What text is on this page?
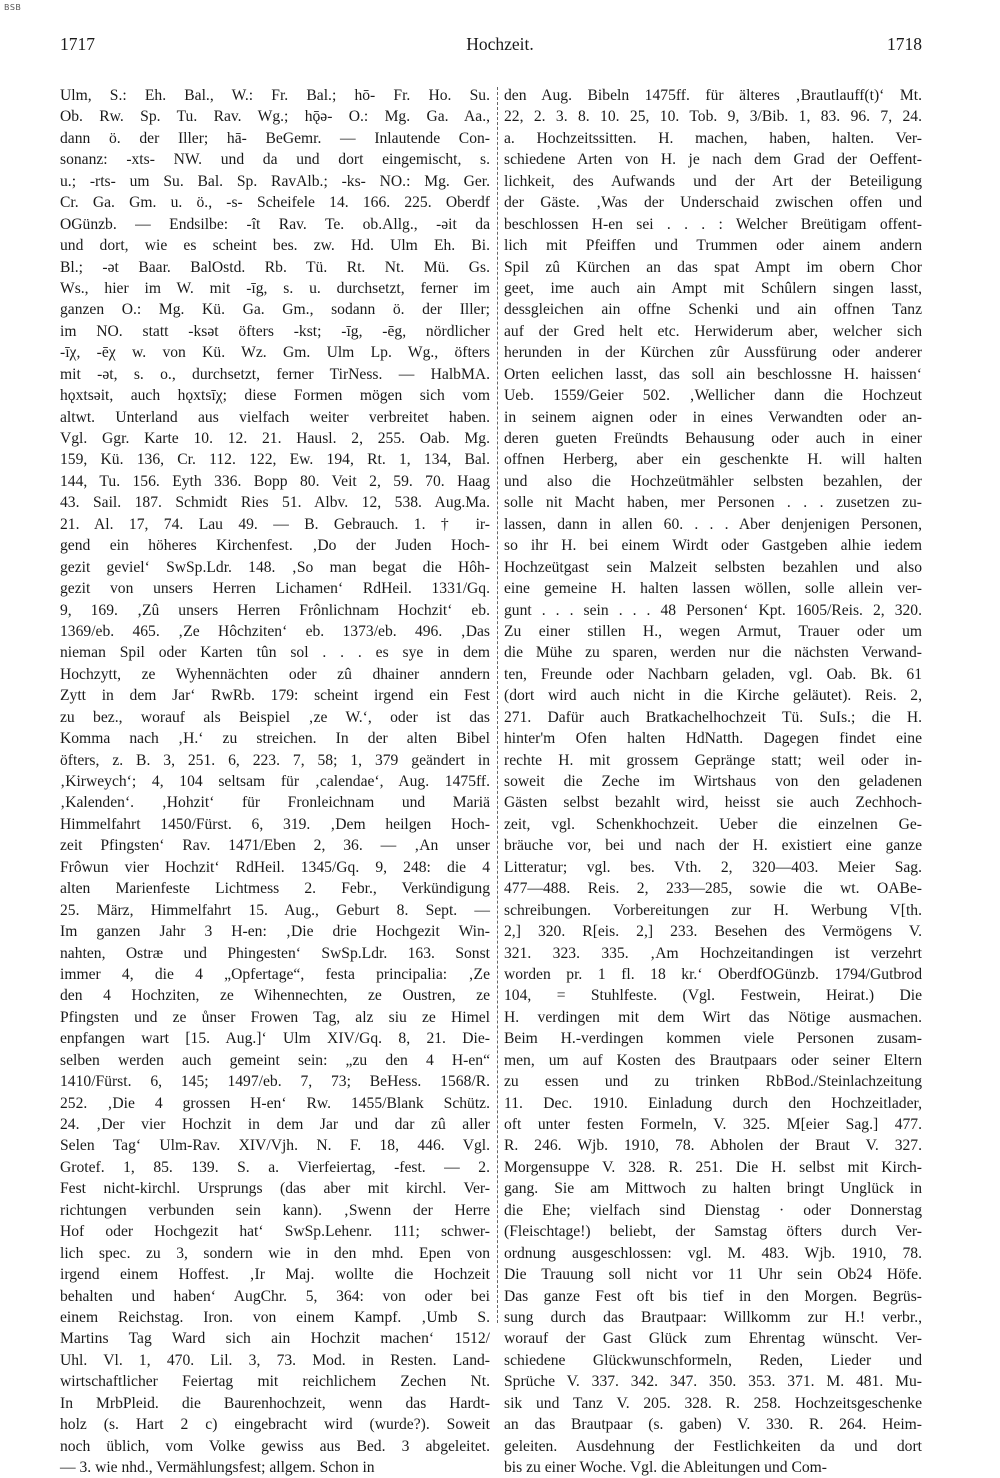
BSB
1717	Hochzeit.	1718
Ulm, S.: Eh. Bal., W.: Fr. Bal.; hō- Fr. Ho. Su.
Ob. Rw. Sp. Tu. Rav. Wg.; hǭə- O.: Mg. Ga. Aa.,
dann ö. der Iller; hā- BeGemr. — Inlautende Con-
sonanz: -xts- NW. und da und dort eingemischt, s.
u.; -rts- um Su. Bal. Sp. RavAlb.; -ks- NO.: Mg. Ger.
Cr. Ga. Gm. u. ö., -s- Scheifele 14. 166. 225. Oberdf
OGünzb. — Endsilbe: -ît Rav. Te. ob.Allg., -əit da
und dort, wie es scheint bes. zw. Hd. Ulm Eh. Bi.
Bl.; -ət Baar. BalOstd. Rb. Tü. Rt. Nt. Mü. Gs.
Ws., hier im W. mit -īg, s. u. durchsetzt, ferner im
ganzen O.: Mg. Kü. Ga. Gm., sodann ö. der Iller;
im NO. statt -ksət öfters -kst; -īg, -ēg, nördlicher
-īχ, -ēχ w. von Kü. Wz. Gm. Ulm Lp. Wg., öfters
mit -ət, s. o., durchsetzt, ferner TirNess. — HalbMA.
hǫxtsəit, auch hǫxtsīχ; diese Formen mögen sich vom
altwt. Unterland aus vielfach weiter verbreitet haben.
Vgl. Ggr. Karte 10. 12. 21. Hausl. 2, 255. Oab. Mg.
159, Kü. 136, Cr. 112. 122, Ew. 194, Rt. 1, 134, Bal.
144, Tu. 156. Eyth 336. Bopp 80. Veit 2, 59. 70. Haag
43. Sail. 187. Schmidt Ries 51. Albv. 12, 538. Aug.Ma.
21. Al. 17, 74. Lau 49. — B. Gebrauch. 1. † ir-
gend ein höheres Kirchenfest. ‚Do der Juden Hoch-
gezit geviel‘ SwSp.Ldr. 148. ‚So man begat die Hôh-
gezit von unsers Herren Lichamen‘ RdHeil. 1331/Gq.
9, 169. ‚Zû unsers Herren Frônlichnam Hochzit‘ eb.
1369/eb. 465. ‚Ze Hôchziten‘ eb. 1373/eb. 496. ‚Das
nieman Spil oder Karten tûn sol . . . es sye in dem
Hochzytt, ze Wyhennächten oder zû dhainer anndern
Zytt in dem Jar‘ RwRb. 179: scheint irgend ein Fest
zu bez., worauf als Beispiel ‚ze W.‘, oder ist das
Komma nach ‚H.‘ zu streichen. In der alten Bibel
öfters, z. B. 3, 251. 6, 223. 7, 58; 1, 379 geändert in
‚Kirweych‘; 4, 104 seltsam für ‚calendae‘, Aug. 1475ff.
‚Kalenden‘. ‚Hohzit‘ für Fronleichnam und Mariä
Himmelfahrt 1450/Fürst. 6, 319. ‚Dem heilgen Hoch-
zeit Pfingsten‘ Rav. 1471/Eben 2, 36. — ‚An unser
Frôwun vier Hochzit‘ RdHeil. 1345/Gq. 9, 248: die 4
alten Marienfeste Lichtmess 2. Febr., Verkündigung
25. März, Himmelfahrt 15. Aug., Geburt 8. Sept. —
Im ganzen Jahr 3 H-en: ‚Die drie Hochgezit Win-
nahten, Ostræ und Phingesten‘ SwSp.Ldr. 163. Sonst
immer 4, die 4 „Opfertage“, festa principalia: ‚Ze
den 4 Hochziten, ze Wihennechten, ze Oustren, ze
Pfingsten und ze ůnser Frowen Tag, alz siu ze Himel
enpfangen wart [15. Aug.]‘ Ulm XIV/Gq. 8, 21. Die-
selben werden auch gemeint sein: „zu den 4 H-en“
1410/Fürst. 6, 145; 1497/eb. 7, 73; BeHess. 1568/R.
252. ‚Die 4 grossen H-en‘ Rw. 1455/Blank Schütz.
24. ‚Der vier Hochzit in dem Jar und dar zû aller
Selen Tag‘ Ulm-Rav. XIV/Vjh. N. F. 18, 446. Vgl.
Grotef. 1, 85. 139. S. a. Vierfeiertag, -fest. — 2.
Fest nicht-kirchl. Ursprungs (das aber mit kirchl. Ver-
richtungen verbunden sein kann). ‚Swenn der Herre
Hof oder Hochgezit hat‘ SwSp.Lehenr. 111; schwer-
lich spec. zu 3, sondern wie in den mhd. Epen von
irgend einem Hoffest. ‚Ir Maj. wollte die Hochzeit
behalten und haben‘ AugChr. 5, 364: von oder bei
einem Reichstag. Iron. von einem Kampf. ‚Umb S.
Martins Tag Ward sich ain Hochzit machen‘ 1512/
Uhl. Vl. 1, 470. Lil. 3, 73. Mod. in Resten. Land-
wirtschaftlicher Feiertag mit reichlichem Zechen Nt.
In MrbPleid. die Baurenhochzeit, wenn das Hardt-
holz (s. Hart 2 c) eingebracht wird (wurde?). Soweit
noch üblich, vom Volke gewiss aus Bed. 3 abgeleitet.
— 3. wie nhd., Vermählungsfest; allgem. Schon in
den Aug. Bibeln 1475ff. für älteres ‚Brautlauff(t)‘ Mt.
22, 2. 3. 8. 10. 25, 10. Tob. 9, 3/Bib. 1, 83. 96. 7, 24.
a. Hochzeitssitten. H. machen, haben, halten. Ver-
schiedene Arten von H. je nach dem Grad der Oeffent-
lichkeit, des Aufwands und der Art der Beteiligung
der Gäste. ‚Was der Underschaid zwischen offen und
beschlossen H-en sei . . . : Welcher Breütigam offent-
lich mit Pfeiffen und Trummen oder ainem andern
Spil zû Kürchen an das spat Ampt im obern Chor
geet, ime auch ain Ampt mit Schûlern singen lasst,
dessgleichen ain offne Schenki und ain offnen Tanz
auf der Gred helt etc. Herwiderum aber, welcher sich
herunden in der Kürchen zûr Aussfürung oder anderer
Orten eelichen lasst, das soll ain beschlossne H. haissen‘
Ueb. 1559/Geier 502. ‚Wellicher dann die Hochzeut
in seinem aignen oder in eines Verwandten oder an-
deren gueten Freündts Behausung oder auch in einer
offnen Herberg, aber ein geschenkte H. will halten
und also die Hochzeütmähler selbsten bezahlen, der
solle nit Macht haben, mer Personen . . . zusetzen zu-
lassen, dann in allen 60. . . . Aber denjenigen Personen,
so ihr H. bei einem Wirdt oder Gastgeben alhie iedem
Hochzeütgast sein Malzeit selbsten bezahlen und also
eine gemeine H. halten lassen wöllen, solle allein ver-
gunt . . . sein . . . 48 Personen‘ Kpt. 1605/Reis. 2, 320.
Zu einer stillen H., wegen Armut, Trauer oder um
die Mühe zu sparen, werden nur die nächsten Verwand-
ten, Freunde oder Nachbarn geladen, vgl. Oab. Bk. 61
(dort wird auch nicht in die Kirche geläutet). Reis. 2,
271. Dafür auch Bratkachelhochzeit Tü. SuIs.; die H.
hinter'm Ofen halten HdNatth. Dagegen findet eine
rechte H. mit grossem Gepränge statt; weil oder in-
soweit die Zeche im Wirtshaus von den geladenen
Gästen selbst bezahlt wird, heisst sie auch Zechhoch-
zeit, vgl. Schenkhochzeit. Ueber die einzelnen Ge-
bräuche vor, bei und nach der H. existiert eine ganze
Litteratur; vgl. bes. Vth. 2, 320—403. Meier Sag.
477—488. Reis. 2, 233—285, sowie die wt. OABe-
schreibungen. Vorbereitungen zur H. Werbung V[th.
2,] 320. R[eis. 2,] 233. Besehen des Vermögens V.
321. 323. 335. ‚Am Hochzeitandingen ist verzehrt
worden pr. 1 fl. 18 kr.‘ OberdfOGünzb. 1794/Gutbrod
104, = Stuhlfeste. (Vgl. Festwein, Heirat.) Die
H. verdingen mit dem Wirt das Nötige ausmachen.
Beim H.-verdingen kommen viele Personen zusam-
men, um auf Kosten des Brautpaars oder seiner Eltern
zu essen und zu trinken RbBod./Steinlachzeitung
11. Dec. 1910. Einladung durch den Hochzeitlader,
oft unter festen Formeln, V. 325. M[eier Sag.] 477.
R. 246. Wjb. 1910, 78. Abholen der Braut V. 327.
Morgensuppe V. 328. R. 251. Die H. selbst mit Kirch-
gang. Sie am Mittwoch zu halten bringt Unglück in
die Ehe; vielfach sind Dienstag · oder Donnerstag
(Fleischtage!) beliebt, der Samstag öfters durch Ver-
ordnung ausgeschlossen: vgl. M. 483. Wjb. 1910, 78.
Die Trauung soll nicht vor 11 Uhr sein Ob24 Höfe.
Das ganze Fest oft bis tief in den Morgen. Begrüs-
sung durch das Brautpaar: Willkomm zur H.! verbr.,
worauf der Gast Glück zum Ehrentag wünscht. Ver-
schiedene Glückwunschformeln, Reden, Lieder und
Sprüche V. 337. 342. 347. 350. 353. 371. M. 481. Mu-
sik und Tanz V. 205. 328. R. 258. Hochzeitsgeschenke
an das Brautpaar (s. gaben) V. 330. R. 264. Heim-
geleiten. Ausdehnung der Festlichkeiten da und dort
bis zu einer Woche. Vgl. die Ableitungen und Com-
